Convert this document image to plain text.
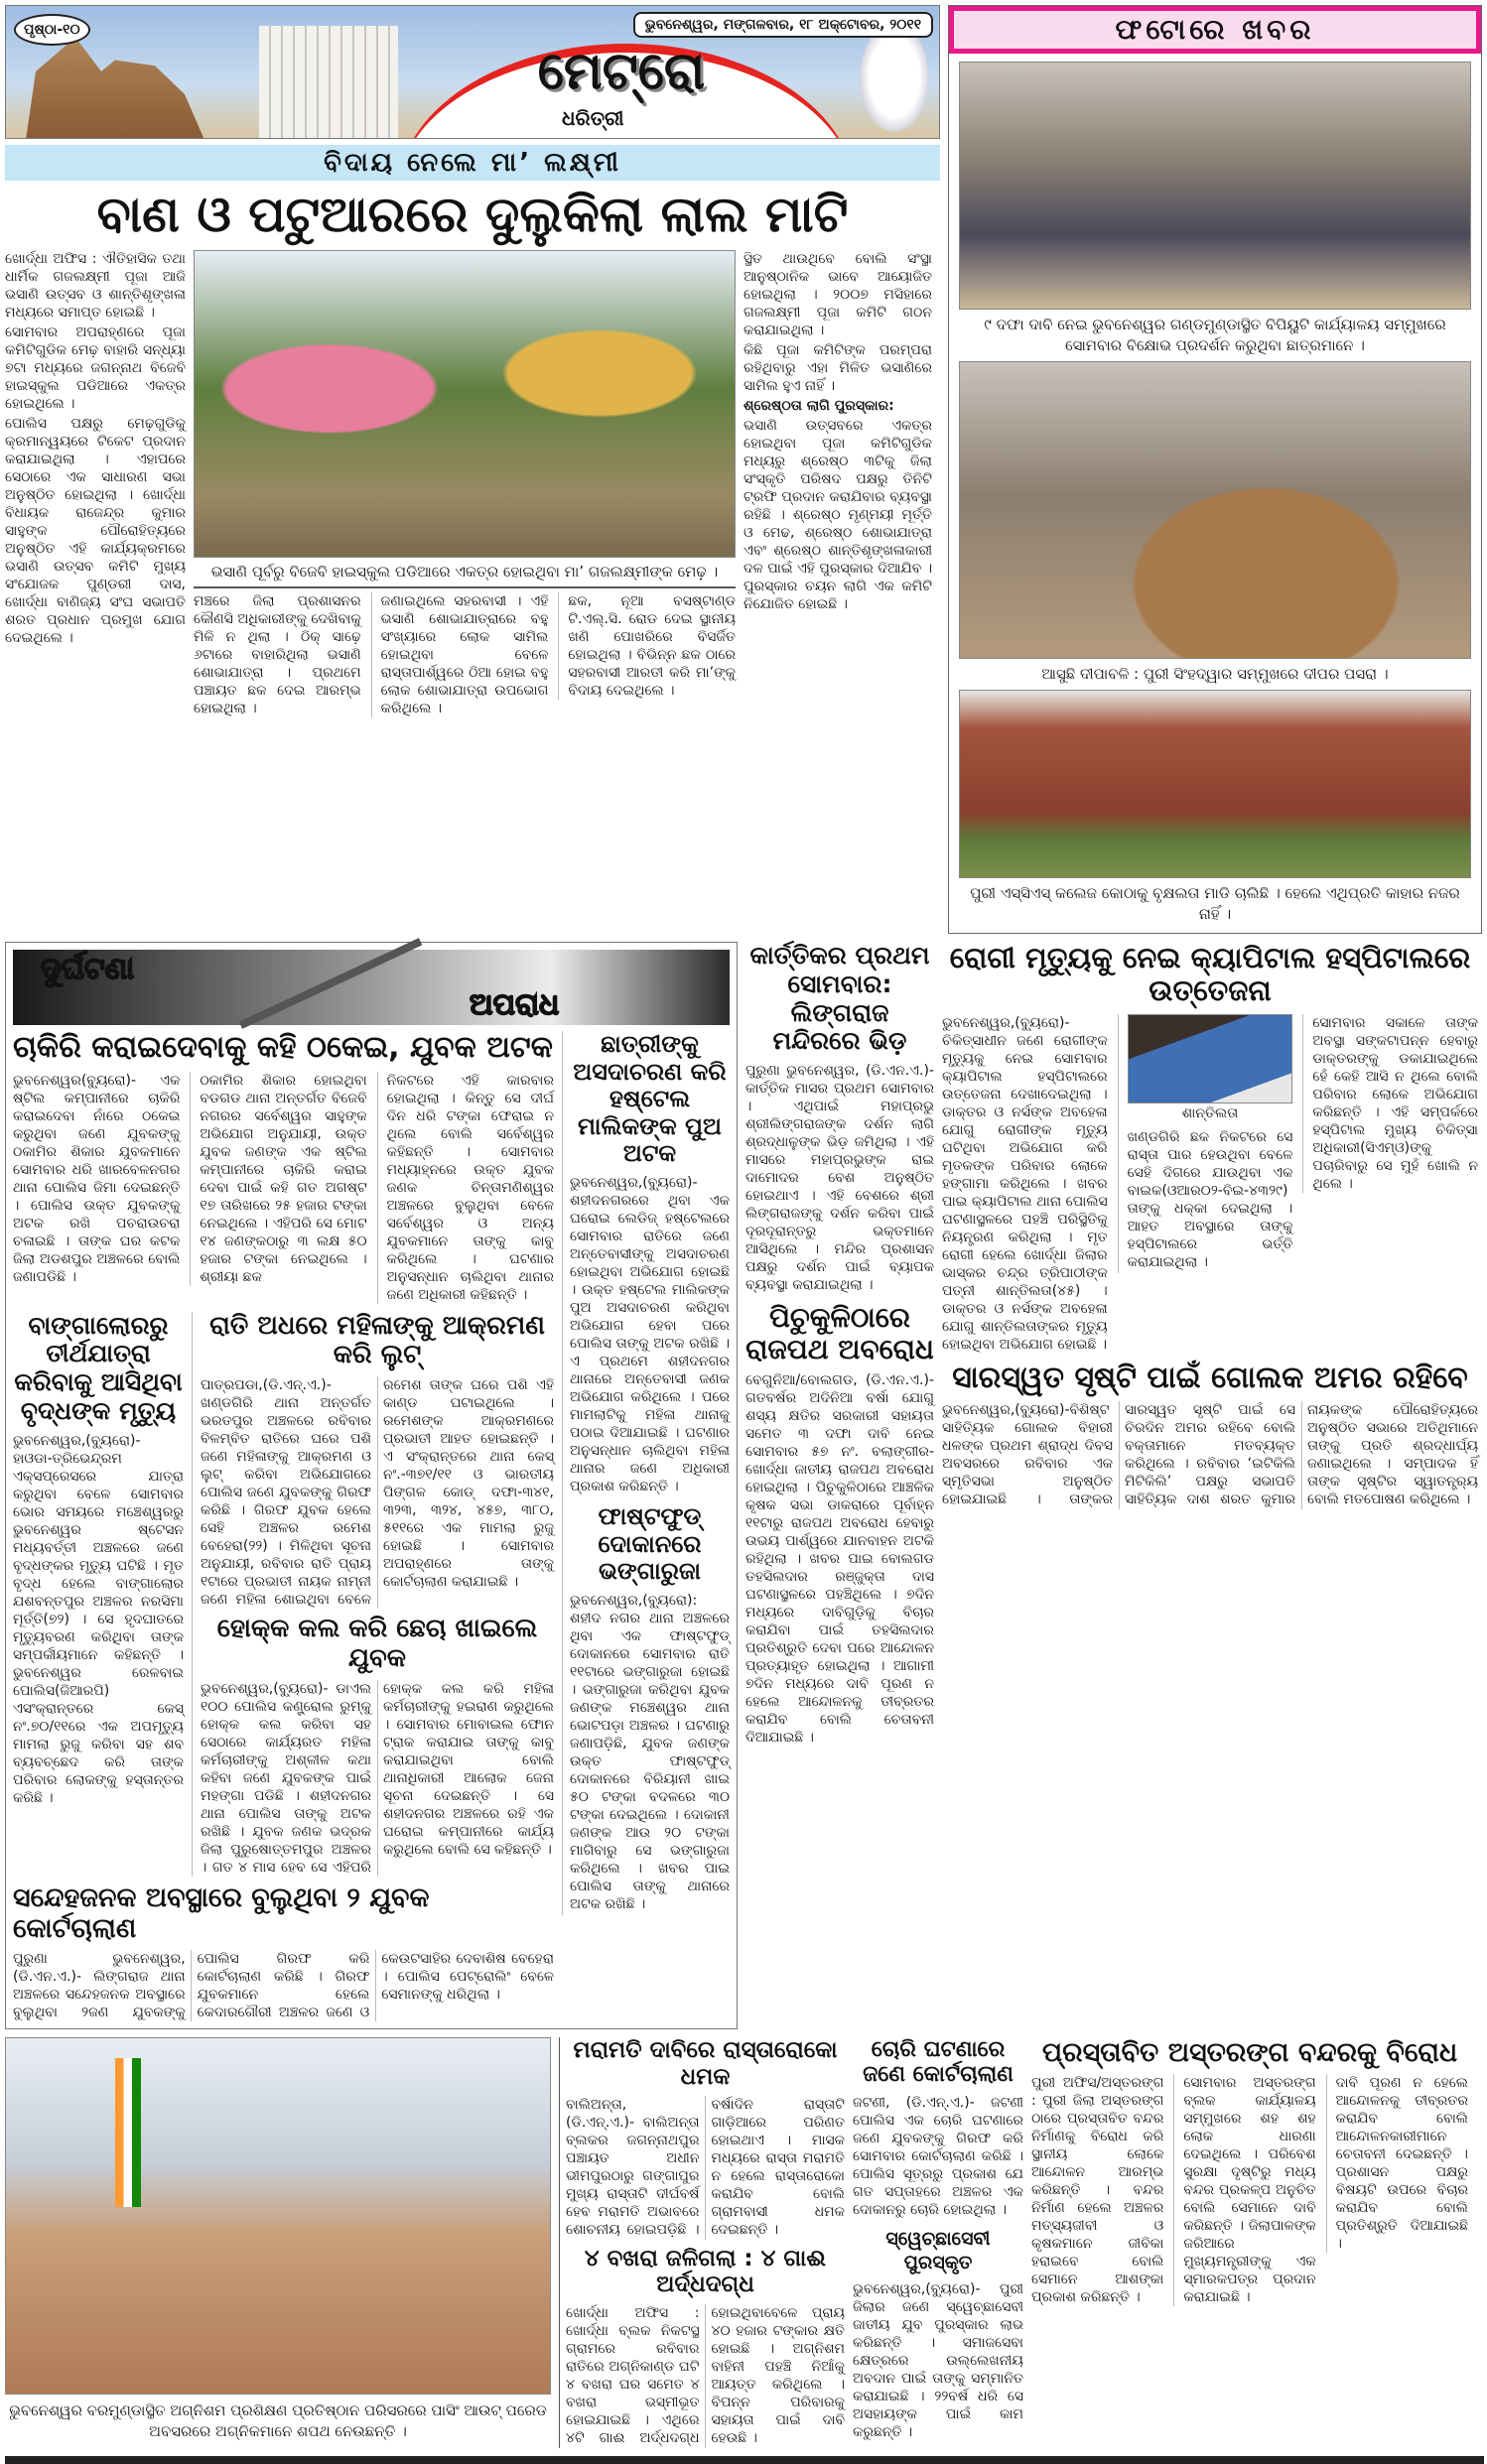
ପୃଷ୍ଠା-୧୦	ଭୁବନେଶ୍ୱର, ମଙ୍ଗଳବାର, ୧୮ ଅକ୍ଟୋବର, ୨୦୧୧
ମେଟ୍ରୋ
ଧରିତ୍ରୀ
ବିଦାୟ ନେଲେ ମା’ ଲକ୍ଷ୍ମୀ
ବାଣ ଓ ପଟୁଆରରେ ଦୁଲୁକିଲା ଲାଲ ମାଟି

ଖୋର୍ଦ୍ଧା ଅଫିସ : ଐତିହାସିକ ତଥା ଧାର୍ମିକ ଗଜଲକ୍ଷ୍ମୀ ପୂଜା ଆଜି ଭସାଣି ଉତ୍ସବ ଓ ଶାନ୍ତିଶୃଙ୍ଖଳା ମଧ୍ୟରେ ସମାପ୍ତ ହୋଇଛି ।

ସୋମବାର ଅପରାହ୍ଣରେ ପୂଜା କମିଟିଗୁଡିକ ମେଢ଼ ବାହାରି ସନ୍ଧ୍ୟା ୭ଟା ମଧ୍ୟରେ ଜଗନ୍ନାଥ ବିଜେବି ହାଇସ୍କୁଲ ପଡିଆରେ ଏକତ୍ର ହୋଇଥିଲେ ।

ପୋଲିସ ପକ୍ଷରୁ ମେଢ଼ଗୁଡିକୁ କ୍ରମାନ୍ୱୟରେ ଟିକେଟ ପ୍ରଦାନ କରାଯାଇଥିଲା । ଏହାପରେ ସେଠାରେ ଏକ ସାଧାରଣ ସଭା ଅନୁଷ୍ଠିତ ହୋଇଥିଲା । ଖୋର୍ଦ୍ଧା ବିଧାୟକ ରାଜେନ୍ଦ୍ର କୁମାର ସାହୁଙ୍କ ପୌରୋହିତ୍ୟରେ ଅନୁଷ୍ଠିତ ଏହି କାର୍ଯ୍ୟକ୍ରମରେ ଭସାଣି ଉତ୍ସବ କମିଟି ମୁଖ୍ୟ ସଂଯୋଜକ ପୁଣ୍ଡରୀ ଦାସ, ଖୋର୍ଦ୍ଧା ବାଣିଜ୍ୟ ସଂଘ ସଭାପତି ଶରତ ପ୍ରଧାନ ପ୍ରମୁଖ ଯୋଗ ଦେଇଥିଲେ ।

ଭସାଣି ପୂର୍ବରୁ ବିଜେବି ହାଇସ୍କୁଲ ପଡିଆରେ ଏକତ୍ର ହୋଇଥିବା ମା’ ଗଜଲକ୍ଷ୍ମୀଙ୍କ ମେଢ଼ ।

ମଞ୍ଚରେ ଜିଲା ପ୍ରଶାସନର କୌଣସି ଅଧିକାରୀଙ୍କୁ ଦେଖିବାକୁ ମିଳି ନ ଥିଲା । ଠିକ୍ ସାଢ଼େ ୬ଟାରେ ବାହାରିଥିଲା ଭସାଣି ଶୋଭାଯାତ୍ରା । ପ୍ରଥମେ ପଞ୍ଚାୟତ ଛକ ଦେଇ ଆରମ୍ଭ ହୋଇଥିଲା ।

ଜଣାଇଥିଲେ ସହରବାସୀ । ଏହି ଭସାଣି ଶୋଭାଯାତ୍ରାରେ ବହୁ ସଂଖ୍ୟାରେ ଲୋକ ସାମିଲ ହୋଇଥିବା ବେଳେ ରାସ୍ତାପାର୍ଶ୍ୱରେ ଠିଆ ହୋଇ ବହୁ ଲୋକ ଶୋଭାଯାତ୍ରା ଉପଭୋଗ କରିଥିଲେ ।

ଛକ, ନୂଆ ବସଷ୍ଟାଣ୍ଡ ଟି.ଏଲ୍.ସି. ରୋଡ ଦେଇ ସ୍ଥାନୀୟ ଖଣି ପୋଖରିରେ ବିସର୍ଜିତ ହୋଇଥିଲା । ବିଭିନ୍ନ ଛକ ଠାରେ ସହରବାସୀ ଆରତୀ କରି ମା’ଙ୍କୁ ବିଦାୟ ଦେଇଥିଲେ ।

ସ୍ଥିତ ଥାଉଥିବେ ବୋଲି ସଂସ୍ଥା ଆନୁଷ୍ଠାନିକ ଭାବେ ଆୟୋଜିତ ହୋଇଥିଲା । ୨୦୦୭ ମସିହାରେ ଗଜଲକ୍ଷ୍ମୀ ପୂଜା କମିଟି ଗଠନ କରାଯାଇଥିଲା ।

କିଛି ପୂଜା କମିଟିଙ୍କ ପରମ୍ପରା ରହିଥିବାରୁ ଏହା ମିଳିତ ଭସାଣିରେ ସାମିଲ ହୁଏ ନାହିଁ ।

ଶ୍ରେଷ୍ଠତା ଲାଗି ପୁରସ୍କାର:

ଭସାଣି ଉତ୍ସବରେ ଏକତ୍ର ହୋଇଥିବା ପୂଜା କମିଟିଗୁଡିକ ମଧ୍ୟରୁ ଶ୍ରେଷ୍ଠ ୩ଟିକୁ ଜିଲା ସଂସ୍କୃତି ପରିଷଦ ପକ୍ଷରୁ ତିନିଟି ଟ୍ରଫି ପ୍ରଦାନ କରାଯିବାର ବ୍ୟବସ୍ଥା ରହିଛି । ଶ୍ରେଷ୍ଠ ମୃଣ୍ମୟୀ ମୂର୍ତ୍ତି ଓ ମେଢ, ଶ୍ରେଷ୍ଠ ଶୋଭାଯାତ୍ରା ଏବଂ ଶ୍ରେଷ୍ଠ ଶାନ୍ତିଶୃଙ୍ଖଳାକାରୀ ଦଳ ପାଇଁ ଏହି ପୁରସ୍କାର ଦିଆଯିବ । ପୁରସ୍କାର ଚୟନ ଲାଗି ଏକ କମିଟି ନିଯୋଜିତ ହୋଇଛି ।

ଫଟୋରେ ଖବର
୯ ଦଫା ଦାବି ନେଇ ଭୁବନେଶ୍ୱର ଗଣ୍ଡମୁଣ୍ଡାସ୍ଥିତ ବିପିୟୁଟି କାର୍ଯ୍ୟାଳୟ ସମ୍ମୁଖରେ ସୋମବାର ବିକ୍ଷୋଭ ପ୍ରଦର୍ଶନ କରୁଥିବା ଛାତ୍ରମାନେ ।
ଆସୁଛି ଦୀପାବଳି : ପୁରୀ ସିଂହଦ୍ୱାର ସମ୍ମୁଖରେ ଦୀପର ପସରା ।
ପୁରୀ ଏସ୍‌ସିଏସ୍ କଲେଜ କୋଠାକୁ ବୃକ୍ଷଲତା ମାଡି ଚାଲିଛି । ହେଲେ ଏଥିପ୍ରତି କାହାର ନଜର ନାହିଁ ।
ଦୁର୍ଘଟଣା
ଅପରାଧ
ଚାକିରି କରାଇଦେବାକୁ କହି ଠକେଇ, ଯୁବକ ଅଟକ

ଭୁବନେଶ୍ୱର(ବ୍ୟୁରୋ)- ଏକ ଷ୍ଟିଲ କମ୍ପାନୀରେ ଚାକିରି କରାଇଦେବା ନାଁରେ ଠକେଇ କରୁଥିବା ଜଣେ ଯୁବକଙ୍କୁ ଠକାମିର ଶିକାର ଯୁବକମାନେ ସୋମବାର ଧରି ଖାରବେଳନଗର ଥାନା ପୋଲିସ ଜିମା ଦେଇଛନ୍ତି । ପୋଲିସ ଉକ୍ତ ଯୁବକଙ୍କୁ ଅଟକ ରଖି ପଚରାଉଚରା ଚଳାଇଛି । ତାଙ୍କ ଘର କଟକ ଜିଲା ଅଡଶପୁର ଅଞ୍ଚଳରେ ବୋଲି ଜଣାପଡିଛି ।

ଠକାମିର ଶିକାର ହୋଇଥିବା ବଡଗଡ ଥାନା ଅନ୍ତର୍ଗତ ବିଜେବି ନଗରର ସର୍ବେଶ୍ୱର ସାହୁଙ୍କ ଅଭିଯୋଗ ଅନୁଯାୟୀ, ଉକ୍ତ ଯୁବକ ଜଣଙ୍କ ଏକ ଷ୍ଟିଲ କମ୍ପାନୀରେ ଚାକିରି କରାଇ ଦେବା ପାଇଁ କହି ଗତ ଅଗଷ୍ଟ ୧୭ ତାରିଖରେ ୨୫ ହଜାର ଟଙ୍କା ନେଇଥିଲେ । ଏହିପରି ସେ ମୋଟ ୧୪ ଜଣଙ୍କଠାରୁ ୩ ଲକ୍ଷ ୫୦ ହଜାର ଟଙ୍କା ନେଇଥିଲେ । ଶ୍ରୀୟା ଛକ

ନିକଟରେ ଏହି କାରବାର ହୋଇଥିଲା । କିନ୍ତୁ ସେ ଦୀର୍ଘ ଦିନ ଧରି ଟଙ୍କା ଫେରାଇ ନ ଥିଲେ ବୋଲି ସର୍ବେଶ୍ୱର କହିଛନ୍ତି । ସୋମବାର ମଧ୍ୟାହ୍ନରେ ଉକ୍ତ ଯୁବକ ଜଣକ ଚିନ୍ତାମଣିଶ୍ୱର ଅଞ୍ଚଳରେ ବୁଲୁଥିବା ବେଳେ ସର୍ବେଶ୍ୱର ଓ ଅନ୍ୟ ଯୁବକମାନେ ତାଙ୍କୁ କାବୁ କରିଥିଲେ । ଘଟଣାର ଅନୁସନ୍ଧାନ ଚାଲିଥିବା ଥାନାର ଜଣେ ଅଧିକାରୀ କହିଛନ୍ତି ।

ବାଙ୍ଗାଲୋରରୁ ତୀର୍ଥଯାତ୍ରା କରିବାକୁ ଆସିଥିବା ବୃଦ୍ଧଙ୍କ ମୃତ୍ୟୁ

ଭୁବନେଶ୍ୱର,(ବ୍ୟୁରୋ)- ହାଓଡା-ତ୍ରିଭେନ୍ଦ୍ରମ ଏକ୍ସପ୍ରେସରେ ଯାତ୍ରା କରୁଥିବା ବେଳେ ସୋମବାର ଭୋର ସମୟରେ ମଞ୍ଚେଶ୍ୱରରୁ ଭୁବନେଶ୍ୱର ଷ୍ଟେସନ ମଧ୍ୟବର୍ତ୍ତୀ ଅଞ୍ଚଳରେ ଜଣେ ବୃଦ୍ଧଙ୍କର ମୃତ୍ୟୁ ଘଟିଛି । ମୃତ ବୃଦ୍ଧ ହେଲେ ବାଙ୍ଗାଲୋର ଯଶବନ୍ତପୁର ଅଞ୍ଚଳର ନରସିମା ମୂର୍ତ୍ତି(୭୨) । ସେ ହୃଦଘାତରେ ମୃତ୍ୟୁବରଣ କରିଥିବା ତାଙ୍କ ସମ୍ପର୍କୀୟମାନେ କହିଛନ୍ତି । ଭୁବନେଶ୍ୱର ରେଳବାଇ ପୋଲିସ(ଜିଆରପି) ଏସଂକ୍ରାନ୍ତରେ କେସ୍ ନଂ.୭୦/୧୧ରେ ଏକ ଅପମୃତ୍ୟୁ ମାମଲା ରୁଜୁ କରିବା ସହ ଶବ ବ୍ୟବଚ୍ଛେଦ କରି ତାଙ୍କ ପରିବାର ଲୋକଙ୍କୁ ହସ୍ତାନ୍ତର କରିଛି ।

ରାତି ଅଧରେ ମହିଳାଙ୍କୁ ଆକ୍ରମଣ କରି ଲୁଟ୍

ପାତ୍ରପଡା,(ଡି.ଏନ୍.ଏ.)- ଖଣ୍ଡଗିରି ଥାନା ଅନ୍ତର୍ଗତ ଭରତପୁର ଅଞ୍ଚଳରେ ରବିବାର ବିଳମ୍ବିତ ରାତିରେ ଘରେ ପଶି ଜଣେ ମହିଳାଙ୍କୁ ଆକ୍ରମଣ ଓ ଲୁଟ୍ କରିବା ଅଭିଯୋଗରେ ପୋଲିସ ଜଣେ ଯୁବକଙ୍କୁ ଗିରଫ କରିଛି । ଗିରଫ ଯୁବକ ହେଲେ ସେହି ଅଞ୍ଚଳର ରମେଶ ବେହେରା(୨୨) । ମିଳିଥିବା ସୂଚନା ଅନୁଯାୟୀ, ରବିବାର ରାତି ପ୍ରାୟ ୧ଟାରେ ପ୍ରଭାତୀ ନାୟକ ନାମ୍ନୀ ଜଣେ ମହିଳା ଶୋଇଥିବା ବେଳେ ରମେଶ ତାଙ୍କ ଘରେ ପଶି ଏହି କାଣ୍ଡ ଘଟାଇଥିଲେ । ରମେଶଙ୍କ ଆକ୍ରମଣରେ ପ୍ରଭାତୀ ଆହତ ହୋଇଛନ୍ତି । ଏ ସଂକ୍ରାନ୍ତରେ ଥାନା କେସ୍ ନଂ.-୩୭୧/୧୧ ଓ ଭାରତୀୟ ପିଙ୍ଗଳ କୋଡ୍ ଦଫା-୩୪୧, ୩୨୩, ୩୨୪, ୪୫୭, ୩୮୦, ୫୧୧ରେ ଏକ ମାମଲା ରୁଜୁ ହୋଇଛି । ସୋମବାର ଅପରାହ୍ଣରେ ତାଙ୍କୁ କୋର୍ଟଚାଲାଣ କରାଯାଇଛି ।

ହୋକ୍କ କଲ କରି ଛେଚା ଖାଇଲେ ଯୁବକ

ଭୁବନେଶ୍ୱର,(ବ୍ୟୁରୋ)- ଡାଏଲ ୧୦୦ ପୋଲିସ କଣ୍ଟ୍ରୋଲ ରୁମ୍‌କୁ ହୋକ୍କ କଲ କରିବା ସହ ସେଠାରେ କାର୍ଯ୍ୟରତ ମହିଳା କର୍ମଚାରୀଙ୍କୁ ଅଶ୍ଳୀଳ କଥା କହିବା ଜଣେ ଯୁବକଙ୍କ ପାଇଁ ମହଙ୍ଗା ପଡିଛି । ଶହୀଦନଗର ଥାନା ପୋଲିସ ତାଙ୍କୁ ଅଟକ ରଖିଛି । ଯୁବକ ଜଣକ ଭଦ୍ରକ ଜିଲା ପୁରୁଷୋତ୍ତମପୁର ଅଞ୍ଚଳର । ଗତ ୪ ମାସ ହେବ ସେ ଏହିପରି ହୋକ୍କ କଲ କରି ମହିଳା କର୍ମଚାରୀଙ୍କୁ ହଇରାଣ କରୁଥିଲେ । ସୋମବାର ମୋବାଇଲ ଫୋନ ଟ୍ରାକ କରାଯାଇ ତାଙ୍କୁ କାବୁ କରାଯାଇଥିବା ବୋଲି ଥାନାଧିକାରୀ ଆଲୋକ ଜେନା ସୂଚନା ଦେଇଛନ୍ତି । ସେ ଶହୀଦନଗର ଅଞ୍ଚଳରେ ରହି ଏକ ଘରୋଇ କମ୍ପାନୀରେ କାର୍ଯ୍ୟ କରୁଥିଲେ ବୋଲି ସେ କହିଛନ୍ତି ।

ସନ୍ଦେହଜନକ ଅବସ୍ଥାରେ ବୁଲୁଥିବା ୨ ଯୁବକ କୋର୍ଟଚାଲାଣ

ପୁରୁଣା ଭୁବନେଶ୍ୱର, (ଡି.ଏନ.ଏ.)- ଲିଙ୍ଗରାଜ ଥାନା ଅଞ୍ଚଳରେ ସନ୍ଦେହଜନକ ଅବସ୍ଥାରେ ବୁଲୁଥିବା ୨ଜଣ ଯୁବକଙ୍କୁ ପୋଲିସ ଗିରଫ କରି କୋର୍ଟଚାଲାଣ କରିଛି । ଗିରଫ ଯୁବକମାନେ ହେଲେ କେଦାରଗୌରୀ ଅଞ୍ଚଳର ଜଣେ ଓ କେଉଟସାହିର ଦେବାଶିଷ ବେହେରା । ପୋଲିସ ପେଟ୍ରୋଲିଂ ବେଳେ ସେମାନଙ୍କୁ ଧରିଥିଲା ।

ଛାତ୍ରୀଙ୍କୁ ଅସଦାଚରଣ କରି ହଷ୍ଟେଲ ମାଲିକଙ୍କ ପୁଅ ଅଟକ

ଭୁବନେଶ୍ୱର,(ବ୍ୟୁରୋ)- ଶହୀଦନଗରରେ ଥିବା ଏକ ଘରୋଇ ଲେଡିଜ୍ ହଷ୍ଟେଲରେ ସୋମବାର ରାତିରେ ଜଣେ ଅନ୍ତେବାସୀଙ୍କୁ ଅସଦାଚରଣ ହୋଇଥିବା ଅଭିଯୋଗ ହୋଇଛି । ଉକ୍ତ ହଷ୍ଟେଲ ମାଲିକଙ୍କ ପୁଅ ଅସଦାଚରଣ କରିଥିବା ଅଭିଯୋଗ ହେବା ପରେ ପୋଲିସ ତାଙ୍କୁ ଅଟକ ରଖିଛି । ଏ ପ୍ରଥମେ ଶହୀଦନଗର ଥାନାରେ ଅନ୍ତେବାସୀ ଜଣକ ଅଭିଯୋଗ କରିଥିଲେ । ପରେ ମାମଲାଟିକୁ ମହିଳା ଥାନାକୁ ପଠାଇ ଦିଆଯାଇଛି । ଘଟଣାର ଅନୁସନ୍ଧାନ ଚାଲିଥିବା ମହିଳା ଥାନାର ଜଣେ ଅଧିକାରୀ ପ୍ରକାଶ କରିଛନ୍ତି ।

ଫାଷ୍ଟଫୁଡ୍ ଦୋକାନରେ ଭଙ୍ଗାରୁଜା

ଭୁବନେଶ୍ୱର,(ବ୍ୟୁରୋ): ଶହୀଦ ନଗର ଥାନା ଅଞ୍ଚଳରେ ଥିବା ଏକ ଫାଷ୍ଟଫୁଡ୍ ଦୋକାନରେ ସୋମବାର ରାତି ୧୧ଟାରେ ଭଙ୍ଗାରୁଜା ହୋଇଛି । ଭଙ୍ଗାରୁଜା କରିଥିବା ଯୁବକ ଜଣଙ୍କ ମଞ୍ଚେଶ୍ୱର ଥାନା ଭୋଟପଡ଼ା ଅଞ୍ଚଳର । ଘଟଣାରୁ ଜଣାପଡ଼ିଛି, ଯୁବକ ଜଣଙ୍କ ଉକ୍ତ ଫାଷ୍ଟଫୁଡ୍ ଦୋକାନରେ ବିରିୟାନୀ ଖାଇ ୫୦ ଟଙ୍କା ବଦଳରେ ୩୦ ଟଙ୍କା ଦେଇଥିଲେ । ଦୋକାନୀ ଜଣଙ୍କ ଆଉ ୨୦ ଟଙ୍କା ମାଗିବାରୁ ସେ ଭଙ୍ଗାରୁଜା କରିଥିଲେ । ଖବର ପାଇ ପୋଲିସ ତାଙ୍କୁ ଥାନାରେ ଅଟକ ରଖିଛି ।

କାର୍ତ୍ତିକର ପ୍ରଥମ ସୋମବାର: ଲିଙ୍ଗରାଜ ମନ୍ଦିରରେ ଭିଡ଼

ପୁରୁଣା ଭୁବନେଶ୍ୱର, (ଡି.ଏନ.ଏ.)-କାର୍ତ୍ତିକ ମାସର ପ୍ରଥମ ସୋମବାର । ଏଥିପାଇଁ ମହାପ୍ରଭୁ ଶ୍ରୀଲିଙ୍ଗରାଜଙ୍କ ଦର୍ଶନ ଲାଗି ଶ୍ରଦ୍ଧାଳୁଙ୍କ ଭିଡ଼ ଜମିଥିଲା । ଏହି ମାସରେ ମହାପ୍ରଭୁଙ୍କ ରାଇ ଦାମୋଦର ବେଶ ଅନୁଷ୍ଠିତ ହୋଇଥାଏ । ଏହି ବେଶରେ ଶ୍ରୀ ଲିଙ୍ଗରାଜଙ୍କୁ ଦର୍ଶନ କରିବା ପାଇଁ ଦୂରଦୂରାନ୍ତରୁ ଭକ୍ତମାନେ ଆସିଥିଲେ । ମନ୍ଦିର ପ୍ରଶାସନ ପକ୍ଷରୁ ଦର୍ଶନ ପାଇଁ ବ୍ୟାପକ ବ୍ୟବସ୍ଥା କରାଯାଇଥିଲା ।

ପିଚୁକୁଳିଠାରେ ରାଜପଥ ଅବରୋଧ

ବେଗୁନିଆ/ବୋଲଗଡ, (ଡି.ଏନ.ଏ.)-ଗତବର୍ଷର ଅଦିନିଆ ବର୍ଷା ଯୋଗୁ ଶସ୍ୟ କ୍ଷତିର ସରକାରୀ ସହାୟତା ସମେତ ୩ ଦଫା ଦାବି ନେଇ ସୋମବାର ୫୭ ନଂ. ବଲାଙ୍ଗୀର-ଖୋର୍ଦ୍ଧା ଜାତୀୟ ରାଜପଥ ଅବରୋଧ ହୋଇଥିଲା । ପିଚୁକୁଳିଠାରେ ଆଞ୍ଚଳିକ କୃଷକ ସଭା ଡାକରାରେ ପୂର୍ବାହ୍ନ ୧୧ଟାରୁ ରାଜପଥ ଅବରୋଧ ହେବାରୁ ଉଭୟ ପାର୍ଶ୍ୱରେ ଯାନବାହନ ଅଟକି ରହିଥିଲା । ଖବର ପାଇ ବୋଲଗଡ ତହସିଲଦାର ରଞ୍ଜୁକ୍ତା ଦାସ ଘଟଣାସ୍ଥଳରେ ପହଞ୍ଚିଥିଲେ । ୭ଦିନ ମଧ୍ୟରେ ଦାବିଗୁଡ଼ିକୁ ବିଚାର କରାଯିବା ପାଇଁ ତହସିଲଦାର ପ୍ରତିଶ୍ରୁତି ଦେବା ପରେ ଆନ୍ଦୋଳନ ପ୍ରତ୍ୟାହୃତ ହୋଇଥିଲା । ଆଗାମୀ ୭ଦିନ ମଧ୍ୟରେ ଦାବି ପୂରଣ ନ ହେଲେ ଆନ୍ଦୋଳନକୁ ତୀବ୍ରତର କରାଯିବ ବୋଲି ଚେତାବନୀ ଦିଆଯାଇଛି ।

ରୋଗୀ ମୃତ୍ୟୁକୁ ନେଇ କ୍ୟାପିଟାଲ ହସ୍ପିଟାଲରେ ଉତ୍ତେଜନା

ଭୁବନେଶ୍ୱର,(ବ୍ୟୁରୋ)- ଚିକିତ୍ସାଧୀନ ଜଣେ ରୋଗୀଙ୍କ ମୃତ୍ୟୁକୁ ନେଇ ସୋମବାର କ୍ୟାପିଟାଲ ହସ୍ପିଟାଲରେ ଉତ୍ତେଜନା ଦେଖାଦେଇଥିଲା । ଡାକ୍ତର ଓ ନର୍ସଙ୍କ ଅବହେଳା ଯୋଗୁ ରୋଗୀଙ୍କ ମୃତ୍ୟୁ ଘଟିଥିବା ଅଭିଯୋଗ କରି ମୃତକଙ୍କ ପରିବାର ଲୋକେ ହଙ୍ଗାମା କରିଥିଲେ । ଖବର ପାଇ କ୍ୟାପିଟାଲ ଥାନା ପୋଲିସ ଘଟଣାସ୍ଥଳରେ ପହଞ୍ଚି ପରିସ୍ଥିତିକୁ ନିୟନ୍ତ୍ରଣ କରିଥିଲା । ମୃତ ରୋଗୀ ହେଲେ ଖୋର୍ଦ୍ଧା ଜିଲାର ଭାସ୍କର ଚନ୍ଦ୍ର ତ୍ରିପାଠୀଙ୍କ ପତ୍ନୀ ଶାନ୍ତିଲତା(୪୫) । ଡାକ୍ତର ଓ ନର୍ସଙ୍କ ଅବହେଳା ଯୋଗୁ ଶାନ୍ତିଲତାଙ୍କର ମୃତ୍ୟୁ ହୋଇଥିବା ଅଭିଯୋଗ ହୋଇଛି ।

ଶାନ୍ତିଲତା

ଖଣ୍ଡଗିରି ଛକ ନିକଟରେ ସେ ରାସ୍ତା ପାର ହେଉଥିବା ବେଳେ ସେହି ଦିଗରେ ଯାଉଥିବା ଏକ ବାଇକ(ଓଆର୦୨-ବିଇ-୪୩୨୯) ତାଙ୍କୁ ଧକ୍କା ଦେଇଥିଲା । ଆହତ ଅବସ୍ଥାରେ ତାଙ୍କୁ ହସ୍ପିଟାଲରେ ଭର୍ତ୍ତି କରାଯାଇଥିଲା ।

ସୋମବାର ସକାଳେ ତାଙ୍କ ଅବସ୍ଥା ସଙ୍କଟାପନ୍ନ ହେବାରୁ ଡାକ୍ତରଙ୍କୁ ଡକାଯାଇଥିଲେ ହେଁ କେହି ଆସି ନ ଥିଲେ ବୋଲି ପରିବାର ଲୋକେ ଅଭିଯୋଗ କରିଛନ୍ତି । ଏହି ସମ୍ପର୍କରେ ହସ୍ପିଟାଲ ମୁଖ୍ୟ ଚିକିତ୍ସା ଅଧିକାରୀ(ସିଏମ୍‌ଓ)ଙ୍କୁ ପଚାରିବାରୁ ସେ ମୁହଁ ଖୋଲି ନ ଥିଲେ ।

ସାରସ୍ୱତ ସୃଷ୍ଟି ପାଇଁ ଗୋଲକ ଅମର ରହିବେ

ଭୁବନେଶ୍ୱର,(ବ୍ୟୁରୋ)-ବିଶିଷ୍ଟ ସାହିତ୍ୟିକ ଗୋଲକ ବିହାରୀ ଧଳଙ୍କ ପ୍ରଥମ ଶ୍ରାଦ୍ଧ ଦିବସ ଅବସରରେ ରବିବାର ଏକ ସ୍ମୃତିସଭା ଅନୁଷ୍ଠିତ ହୋଇଯାଇଛି । ତାଙ୍କର ସାରସ୍ୱତ ସୃଷ୍ଟି ପାଇଁ ସେ ଚିରଦିନ ଅମର ରହିବେ ବୋଲି ବକ୍ତାମାନେ ମତବ୍ୟକ୍ତ କରିଥିଲେ । ରବିବାର ‘ଇଟିକିଲି ମିଟିକିଲି’ ପକ୍ଷରୁ ସଭାପତି ସାହିତ୍ୟିକ ଦାଶ ଶରତ କୁମାର ନାୟକଙ୍କ ପୌରୋହିତ୍ୟରେ ଅନୁଷ୍ଠିତ ସଭାରେ ଅତିଥିମାନେ ତାଙ୍କୁ ପ୍ରତି ଶ୍ରଦ୍ଧାର୍ଘ୍ୟ ଜଣାଇଥିଲେ । ସମ୍ପାଦକ ହିଁ ତାଙ୍କ ସୃଷ୍ଟିର ସ୍ୱାତନ୍ତ୍ର୍ୟ ବୋଲି ମତପୋଷଣ କରିଥିଲେ ।

ଭୁବନେଶ୍ୱର ବରମୁଣ୍ଡାସ୍ଥିତ ଅଗ୍ନିଶମ ପ୍ରଶିକ୍ଷଣ ପ୍ରତିଷ୍ଠାନ ପରିସରରେ ପାସିଂ ଆଉଟ୍ ପରେଡ ଅବସରରେ ଅଗ୍ନିକମାନେ ଶପଥ ନେଉଛନ୍ତି ।
ମରାମତି ଦାବିରେ ରାସ୍ତାରୋକୋ ଧମକ

ବାଲିଅନ୍ତା, (ଡି.ଏନ୍.ଏ.)- ବାଲିଅନ୍ତା ବ୍ଲକର ଜଗନ୍ନାଥପୁର ପଞ୍ଚାୟତ ଅଧୀନ ଭୀମପୁରଠାରୁ ଗଙ୍ଗାପୁର ମୁଖ୍ୟ ରାସ୍ତାଟି ଦୀର୍ଘବର୍ଷ ହେବ ମରାମତି ଅଭାବରେ ଶୋଚନୀୟ ହୋଇପଡ଼ିଛି । ବର୍ଷାଦିନ ରାସ୍ତାଟି ଗାଡ଼ିଆରେ ପରିଣତ ହୋଇଥାଏ । ମାସକ ମଧ୍ୟରେ ରାସ୍ତା ମରାମତି ନ ହେଲେ ରାସ୍ତାରୋକୋ କରାଯିବ ବୋଲି ଗ୍ରାମବାସୀ ଧମକ ଦେଇଛନ୍ତି ।

୪ ବଖରା ଜଳିଗଲା : ୪ ଗାଈ ଅର୍ଦ୍ଧଦଗ୍ଧ

ଖୋର୍ଦ୍ଧା ଅଫିସ : ଖୋର୍ଦ୍ଧା ବ୍ଲକ ନିକଟସ୍ଥ ଗ୍ରାମରେ ରବିବାର ରାତିରେ ଅଗ୍ନିକାଣ୍ଡ ଘଟି ୪ ବଖରା ଘର ସମେତ ୪ ବଖରା ଭସ୍ମୀଭୂତ ହୋଇଯାଇଛି । ଏଥିରେ ୪ଟି ଗାଈ ଅର୍ଦ୍ଧଦଗ୍ଧ ହୋଇଥିବାବେଳେ ପ୍ରାୟ ୪୦ ହଜାର ଟଙ୍କାର କ୍ଷତି ହୋଇଛି । ଅଗ୍ନିଶମ ବାହିନୀ ପହଞ୍ଚି ନିଆଁକୁ ଆୟତ୍ତ କରିଥିଲେ । ବିପନ୍ନ ପରିବାରକୁ ସହାୟତା ପାଇଁ ଦାବି ହେଉଛି ।

ଚୋରି ଘଟଣାରେ ଜଣେ କୋର୍ଟଚାଲାଣ

ଜଟଣୀ, (ଡି.ଏନ୍.ଏ.)- ଜଟଣୀ ପୋଲିସ ଏକ ଚୋରି ଘଟଣାରେ ଜଣେ ଯୁବକଙ୍କୁ ଗିରଫ କରି ସୋମବାର କୋର୍ଟଚାଲାଣ କରିଛି । ପୋଲିସ ସୂତ୍ରରୁ ପ୍ରକାଶ ଯେ ଗତ ସପ୍ତାହରେ ଅଞ୍ଚଳର ଏକ ଦୋକାନରୁ ଚୋରି ହୋଇଥିଲା ।

ସ୍ୱେଚ୍ଛାସେବୀ ପୁରସ୍କୃତ

ଭୁବନେଶ୍ୱର,(ବ୍ୟୁରୋ)- ପୁରୀ ଜିଲାର ଜଣେ ସ୍ୱେଚ୍ଛାସେବୀ ଜାତୀୟ ଯୁବ ପୁରସ୍କାର ଲାଭ କରିଛନ୍ତି । ସମାଜସେବା କ୍ଷେତ୍ରରେ ଉଲ୍ଲେଖନୀୟ ଅବଦାନ ପାଇଁ ତାଙ୍କୁ ସମ୍ମାନିତ କରାଯାଇଛି । ୨୨ବର୍ଷ ଧରି ସେ ଅସହାୟଙ୍କ ପାଇଁ କାମ କରୁଛନ୍ତି ।

ପ୍ରସ୍ତାବିତ ଅସ୍ତରଙ୍ଗ ବନ୍ଦରକୁ ବିରୋଧ

ପୁରୀ ଅଫିସ/ଅସ୍ତରଙ୍ଗ : ପୁରୀ ଜିଲା ଅସ୍ତରଙ୍ଗ ଠାରେ ପ୍ରସ୍ତାବିତ ବନ୍ଦର ନିର୍ମାଣକୁ ବିରୋଧ କରି ସ୍ଥାନୀୟ ଲୋକେ ଆନ୍ଦୋଳନ ଆରମ୍ଭ କରିଛନ୍ତି । ବନ୍ଦର ନିର୍ମାଣ ହେଲେ ଅଞ୍ଚଳର ମତ୍ସ୍ୟଜୀବୀ ଓ କୃଷକମାନେ ଜୀବିକା ହରାଇବେ ବୋଲି ସେମାନେ ଆଶଙ୍କା ପ୍ରକାଶ କରିଛନ୍ତି ।

ସୋମବାର ଅସ୍ତରଙ୍ଗ ବ୍ଲକ କାର୍ଯ୍ୟାଳୟ ସମ୍ମୁଖରେ ଶହ ଶହ ଲୋକ ଧାରଣା ଦେଇଥିଲେ । ପରିବେଶ ସୁରକ୍ଷା ଦୃଷ୍ଟିରୁ ମଧ୍ୟ ବନ୍ଦର ପ୍ରକଳ୍ପ ଅନୁଚିତ ବୋଲି ସେମାନେ ଦାବି କରିଛନ୍ତି । ଜିଲାପାଳଙ୍କ ଜରିଆରେ ମୁଖ୍ୟମନ୍ତ୍ରୀଙ୍କୁ ଏକ ସ୍ମାରକପତ୍ର ପ୍ରଦାନ କରାଯାଇଛି ।

ଦାବି ପୂରଣ ନ ହେଲେ ଆନ୍ଦୋଳନକୁ ତୀବ୍ରତର କରାଯିବ ବୋଲି ଆନ୍ଦୋଳନକାରୀମାନେ ଚେତାବନୀ ଦେଇଛନ୍ତି । ପ୍ରଶାସନ ପକ୍ଷରୁ ବିଷୟଟି ଉପରେ ବିଚାର କରାଯିବ ବୋଲି ପ୍ରତିଶ୍ରୁତି ଦିଆଯାଇଛି ।
